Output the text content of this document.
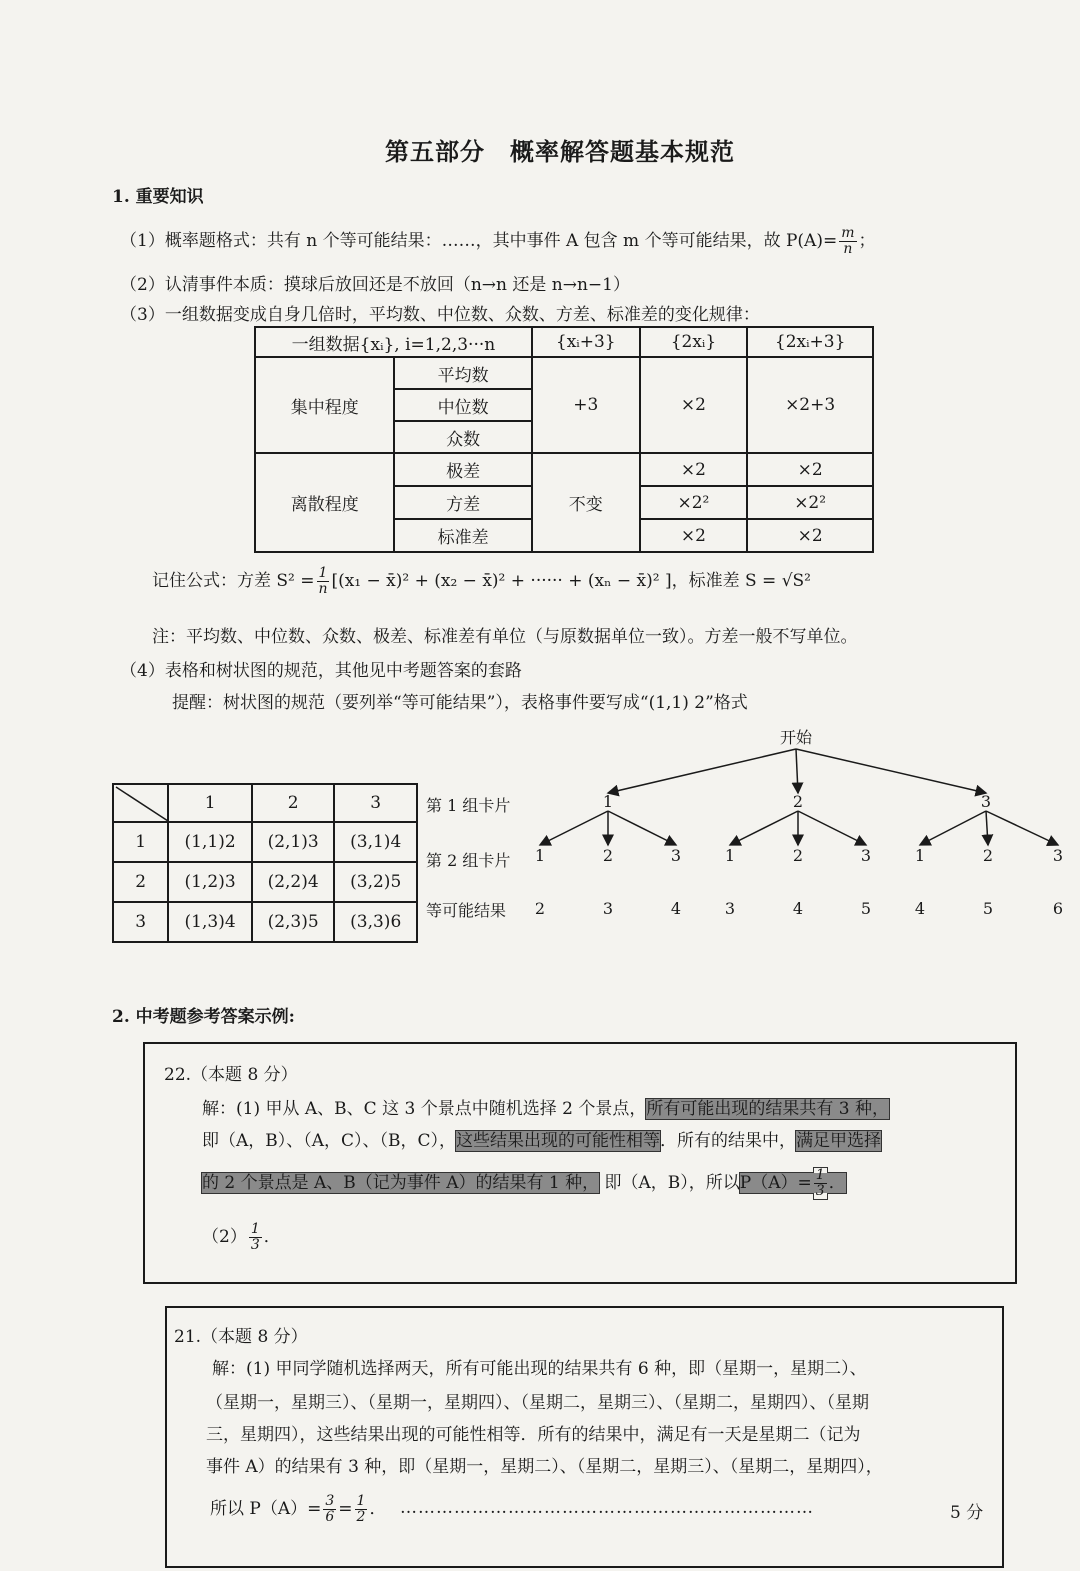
第五部分　概率解答题基本规范
1. 重要知识
（1）概率题格式：共有 n 个等可能结果：……，其中事件 A 包含 m 个等可能结果，故 $P(A)= \frac{m}{n}$ ；
（2）认清事件本质：摸球后放回还是不放回（n→n 还是 n→n−1）
（3）一组数据变成自身几倍时，平均数、中位数、众数、方差、标准差的变化规律：
一组数据{xᵢ}, i=1,2,3···n		{xᵢ+3}	{2xᵢ}	{2xᵢ+3}
集中程度	平均数	+3	×2	×2+3
	中位数			
	众数			
离散程度	极差	不变	×2	×2
	方差		×2²	×2²
	标准差		×2	×2
记住公式：方差 $S^2 = \frac{1}{n} [(x_1$ − x̄)² + (x₂ − x̄)² + ······ + (xₙ − x̄)² ]，标准差 S = √S²
注：平均数、中位数、众数、极差、标准差有单位（与原数据单位一致）。方差一般不写单位。
（4）表格和树状图的规范，其他见中考题答案的套路
提醒：树状图的规范（要列举“等可能结果”），表格事件要写成“(1,1) 2”格式
	1	2	3
1	(1,1)2	(2,1)3	(3,1)4
2	(1,2)3	(2,2)4	(3,2)5
3	(1,3)4	(2,3)5	(3,3)6
第 1 组卡片
第 2 组卡片
等可能结果
开始
1	2	3
1
2
2
3
3
4
1
3
2
4
3
5
1
4
2
5
3
6
2. 中考题参考答案示例:
22.（本题 8 分）
解：(1) 甲从 A、B、C 这 3 个景点中随机选择 2 个景点，所有可能出现的结果共有 3 种，
即（A，B）、（A，C）、（B，C），这些结果出现的可能性相等．所有的结果中，满足甲选择
的 2 个景点是 A、B（记为事件 A）的结果有 1 种， 即（A，B），所以$P(A)= \frac{1}{3}$ ．
$(2) \frac{1}{3}$ ．
21.（本题 8 分）
解：(1) 甲同学随机选择两天，所有可能出现的结果共有 6 种，即（星期一，星期二）、
（星期一，星期三）、（星期一，星期四）、（星期二，星期三）、（星期二，星期四）、（星期
三，星期四），这些结果出现的可能性相等．所有的结果中，满足有一天是星期二（记为
事件 A）的结果有 3 种，即（星期一，星期二）、（星期二，星期三）、（星期二，星期四），
所以 $P(A)= \frac{3}{6} = \frac{1}{2}$ ． ……………………………………………………………	5 分
